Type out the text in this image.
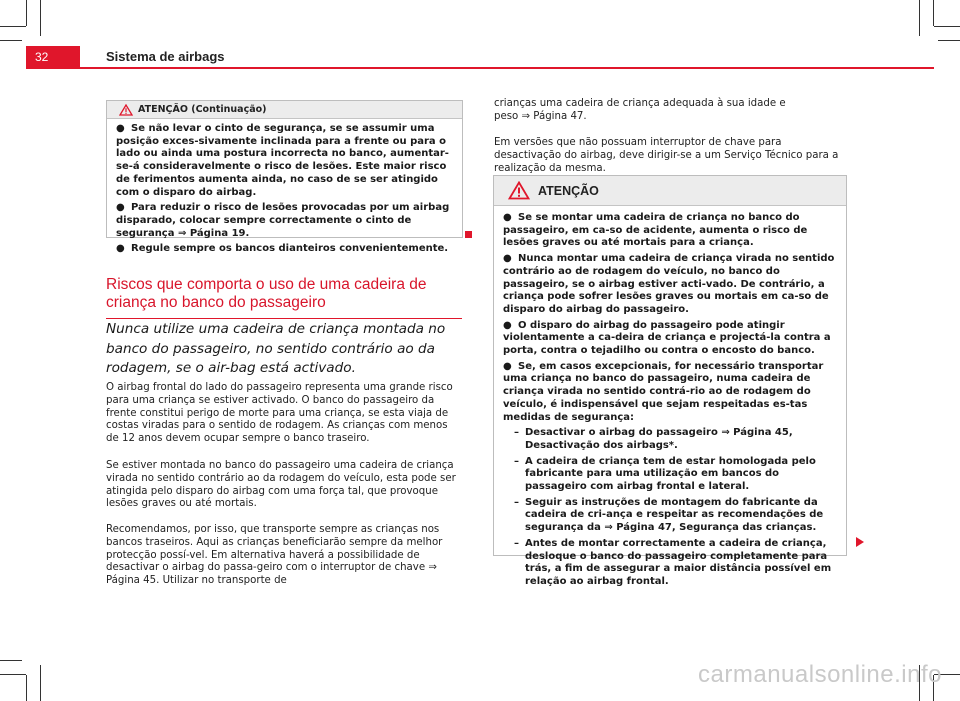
32	Sistema de airbags
ATENÇÃO (Continuação)
● Se não levar o cinto de segurança, se se assumir uma posição exces-sivamente inclinada para a frente ou para o lado ou ainda uma postura incorrecta no banco, aumentar-se-á consideravelmente o risco de lesões. Este maior risco de ferimentos aumenta ainda, no caso de se ser atingido com o disparo do airbag.
● Para reduzir o risco de lesões provocadas por um airbag disparado, colocar sempre correctamente o cinto de segurança ⇒ Página 19.
● Regule sempre os bancos dianteiros convenientemente.
Riscos que comporta o uso de uma cadeira de criança no banco do passageiro
Nunca utilize uma cadeira de criança montada no banco do passageiro, no sentido contrário ao da rodagem, se o air-bag está activado.

O airbag frontal do lado do passageiro representa uma grande risco para uma criança se estiver activado. O banco do passageiro da frente constitui perigo de morte para uma criança, se esta viaja de costas viradas para o sentido de rodagem. As crianças com menos de 12 anos devem ocupar sempre o banco traseiro.

Se estiver montada no banco do passageiro uma cadeira de criança virada no sentido contrário ao da rodagem do veículo, esta pode ser atingida pelo disparo do airbag com uma força tal, que provoque lesões graves ou até mortais.

Recomendamos, por isso, que transporte sempre as crianças nos bancos traseiros. Aqui as crianças beneficiarão sempre da melhor protecção possí-vel. Em alternativa haverá a possibilidade de desactivar o airbag do passa-geiro com o interruptor de chave ⇒ Página 45. Utilizar no transporte de

crianças uma cadeira de criança adequada à sua idade e peso ⇒ Página 47.

Em versões que não possuam interruptor de chave para desactivação do airbag, deve dirigir-se a um Serviço Técnico para a realização da mesma.

ATENÇÃO
● Se se montar uma cadeira de criança no banco do passageiro, em ca-so de acidente, aumenta o risco de lesões graves ou até mortais para a criança.
● Nunca montar uma cadeira de criança virada no sentido contrário ao de rodagem do veículo, no banco do passageiro, se o airbag estiver acti-vado. De contrário, a criança pode sofrer lesões graves ou mortais em ca-so de disparo do airbag do passageiro.
● O disparo do airbag do passageiro pode atingir violentamente a ca-deira de criança e projectá-la contra a porta, contra o tejadilho ou contra o encosto do banco.
● Se, em casos excepcionais, for necessário transportar uma criança no banco do passageiro, numa cadeira de criança virada no sentido contrá-rio ao de rodagem do veículo, é indispensável que sejam respeitadas es-tas medidas de segurança:
– Desactivar o airbag do passageiro ⇒ Página 45, Desactivação dos airbags*.
– A cadeira de criança tem de estar homologada pelo fabricante para uma utilização em bancos do passageiro com airbag frontal e lateral.
– Seguir as instruções de montagem do fabricante da cadeira de cri-ança e respeitar as recomendações de segurança da ⇒ Página 47, Segurança das crianças.
– Antes de montar correctamente a cadeira de criança, desloque o banco do passageiro completamente para trás, a fim de assegurar a maior distância possível em relação ao airbag frontal.
carmanualsonline.info
